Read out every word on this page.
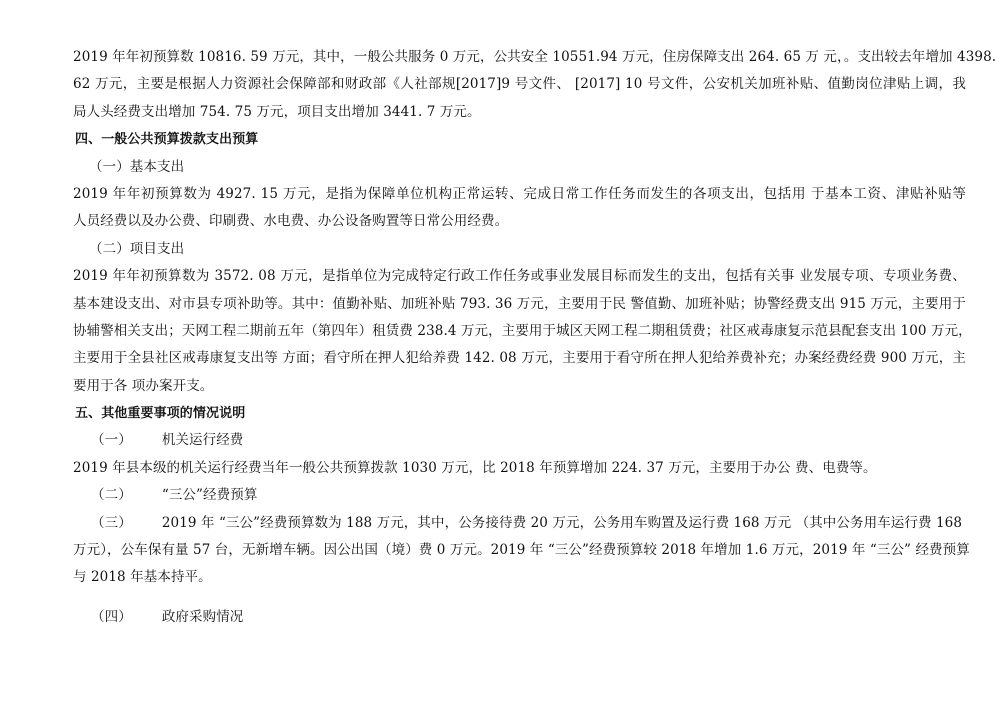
2019 年年初预算数 10816. 59 万元，其中，一般公共服务 0 万元，公共安全 10551.94 万元，住房保障支出 264. 65 万 元，。支出较去年增加 4398.
62 万元，主要是根据人力资源社会保障部和财政部《人社部规[2017]9 号文件、 [2017] 10 号文件，公安机关加班补贴、值勤岗位津贴上调，我
局人头经费支出增加 754. 75 万元，项目支出增加 3441. 7 万元。
四、一般公共预算拨款支出预算
（一）基本支出
2019 年年初预算数为 4927. 15 万元，是指为保障单位机构正常运转、完成日常工作任务而发生的各项支出，包括用 于基本工资、津贴补贴等
人员经费以及办公费、印刷费、水电费、办公设备购置等日常公用经费。
（二）项目支出
2019 年年初预算数为 3572. 08 万元，是指单位为完成特定行政工作任务或事业发展目标而发生的支出，包括有关事 业发展专项、专项业务费、
基本建设支出、对市县专项补助等。其中：值勤补贴、加班补贴 793. 36 万元，主要用于民 警值勤、加班补贴；协警经费支出 915 万元，主要用于
协辅警相关支出；天网工程二期前五年（第四年）租赁费 238.4 万元，主要用于城区天网工程二期租赁费；社区戒毒康复示范县配套支出 100 万元，
主要用于全县社区戒毒康复支出等 方面；看守所在押人犯给养费 142. 08 万元，主要用于看守所在押人犯给养费补充；办案经费经费 900 万元，主
要用于各 项办案开支。
五、其他重要事项的情况说明
（一） 机关运行经费
2019 年县本级的机关运行经费当年一般公共预算拨款 1030 万元，比 2018 年预算增加 224. 37 万元，主要用于办公 费、电费等。
（二） “三公”经费预算
（三） 2019 年 “三公”经费预算数为 188 万元，其中，公务接待费 20 万元，公务用车购置及运行费 168 万元 （其中公务用车运行费 168
万元），公车保有量 57 台，无新增车辆。因公出国（境）费 0 万元。2019 年 “三公”经费预算较 2018 年增加 1.6 万元，2019 年 “三公” 经费预算
与 2018 年基本持平。
（四） 政府采购情况
